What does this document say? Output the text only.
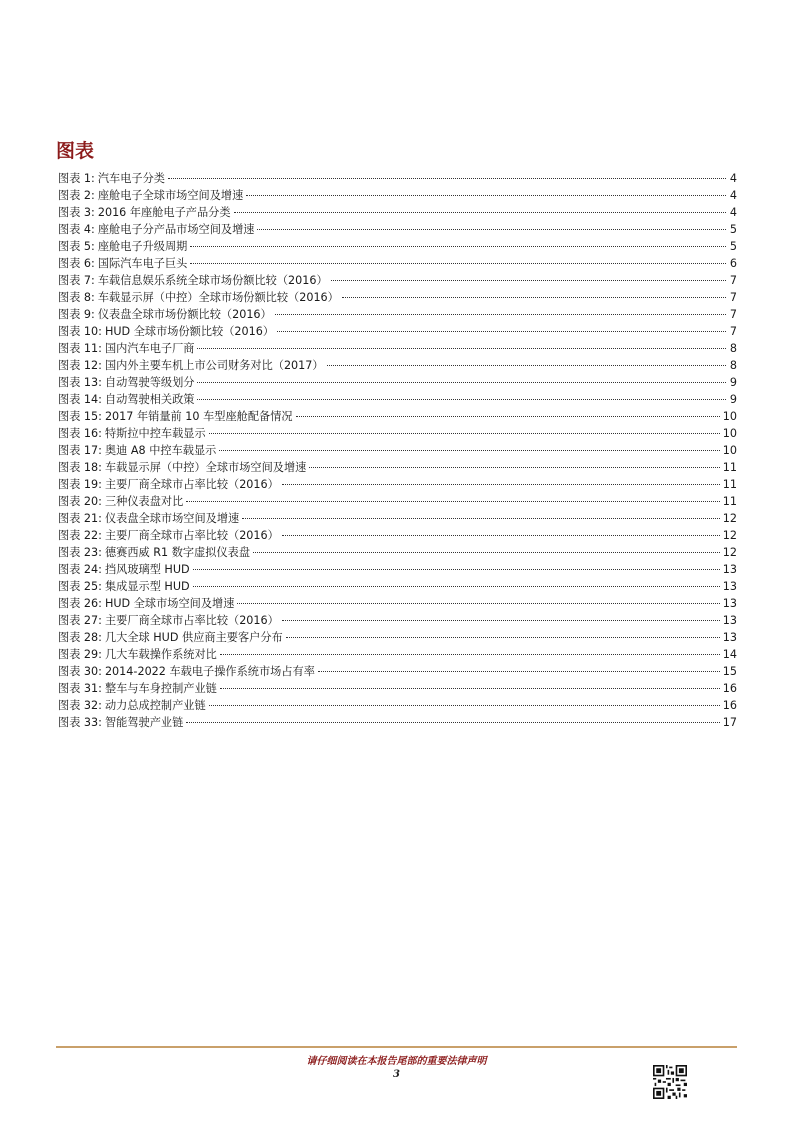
图表
图表 1: 汽车电子分类	4
图表 2: 座舱电子全球市场空间及增速	4
图表 3: 2016 年座舱电子产品分类	4
图表 4: 座舱电子分产品市场空间及增速	5
图表 5: 座舱电子升级周期	5
图表 6: 国际汽车电子巨头	6
图表 7: 车载信息娱乐系统全球市场份额比较（2016）	7
图表 8: 车载显示屏（中控）全球市场份额比较（2016）	7
图表 9: 仪表盘全球市场份额比较（2016）	7
图表 10: HUD 全球市场份额比较（2016）	7
图表 11: 国内汽车电子厂商	8
图表 12: 国内外主要车机上市公司财务对比（2017）	8
图表 13: 自动驾驶等级划分	9
图表 14: 自动驾驶相关政策	9
图表 15: 2017 年销量前 10 车型座舱配备情况	10
图表 16: 特斯拉中控车载显示	10
图表 17: 奥迪 A8 中控车载显示	10
图表 18: 车载显示屏（中控）全球市场空间及增速	11
图表 19: 主要厂商全球市占率比较（2016）	11
图表 20: 三种仪表盘对比	11
图表 21: 仪表盘全球市场空间及增速	12
图表 22: 主要厂商全球市占率比较（2016）	12
图表 23: 德赛西威 R1 数字虚拟仪表盘	12
图表 24: 挡风玻璃型 HUD	13
图表 25: 集成显示型 HUD	13
图表 26: HUD 全球市场空间及增速	13
图表 27: 主要厂商全球市占率比较（2016）	13
图表 28: 几大全球 HUD 供应商主要客户分布	13
图表 29: 几大车载操作系统对比	14
图表 30: 2014-2022 车载电子操作系统市场占有率	15
图表 31: 整车与车身控制产业链	16
图表 32: 动力总成控制产业链	16
图表 33: 智能驾驶产业链	17
请仔细阅读在本报告尾部的重要法律声明
3
